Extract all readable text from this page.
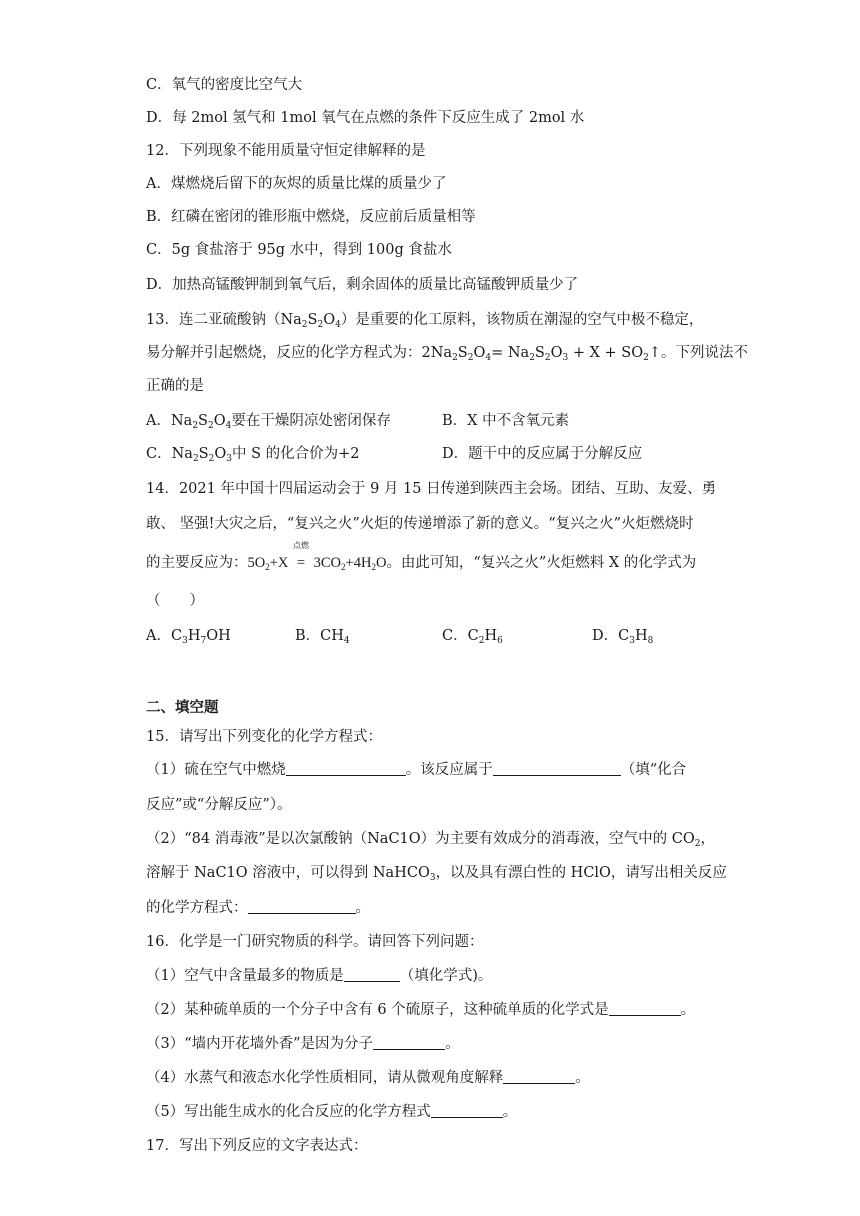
C．氧气的密度比空气大
D．每 2mol 氢气和 1mol 氧气在点燃的条件下反应生成了 2mol 水
12．下列现象不能用质量守恒定律解释的是
A．煤燃烧后留下的灰烬的质量比煤的质量少了
B．红磷在密闭的锥形瓶中燃烧，反应前后质量相等
C．5g 食盐溶于 95g 水中，得到 100g 食盐水
D．加热高锰酸钾制到氧气后，剩余固体的质量比高锰酸钾质量少了
13．连二亚硫酸钠$(Na_2S_2O_4)$是重要的化工原料，该物质在潮湿的空气中极不稳定，
易分解并引起燃烧，反应的化学方程式为：$2Na_2S_2O_4= Na_2S_2O_3 + X$ + $SO_2↑$。下列说法不
正确的是
A．$Na_2S_2O_4$要在干燥阴凉处密闭保存	B．X 中不含氧元素
C．$Na_2S_2O_3$中 S 的化合价为+2	D．题干中的反应属于分解反应
14．2021 年中国十四届运动会于 9 月 15 日传递到陕西主会场。团结、互助、友爱、勇
敢、 坚强!大灾之后，“复兴之火”火炬的传递增添了新的意义。“复兴之火”火炬燃烧时
的主要反应为：$5O_2+X$
点燃
= $3CO_2+4H_2O$。由此可知，“复兴之火”火炬燃料 X 的化学式为
（　　）
A．$C_3H_7OH$	B．$CH_4$	C．$C_2H_6$	D．$C_3H_8$
二、填空题
15．请写出下列变化的化学方程式：
（1）硫在空气中燃烧	。该反应属于	（填“化合
反应”或“分解反应”）。
（2）“84 消毒液”是以次氯酸钠（NaC1O）为主要有效成分的消毒液，空气中的 $CO_2$，
溶解于 NaC1O 溶液中，可以得到 NaHCO$_3$，以及具有漂白性的 HClO，请写出相关反应
的化学方程式：	。
16．化学是一门研究物质的科学。请回答下列问题：
（1）空气中含量最多的物质是	（填化学式)。
（2）某种硫单质的一个分子中含有 6 个硫原子，这种硫单质的化学式是	。
（3）“墙内开花墙外香”是因为分子	。
（4）水蒸气和液态水化学性质相同，请从微观角度解释	。
（5）写出能生成水的化合反应的化学方程式	。
17．写出下列反应的文字表达式：
